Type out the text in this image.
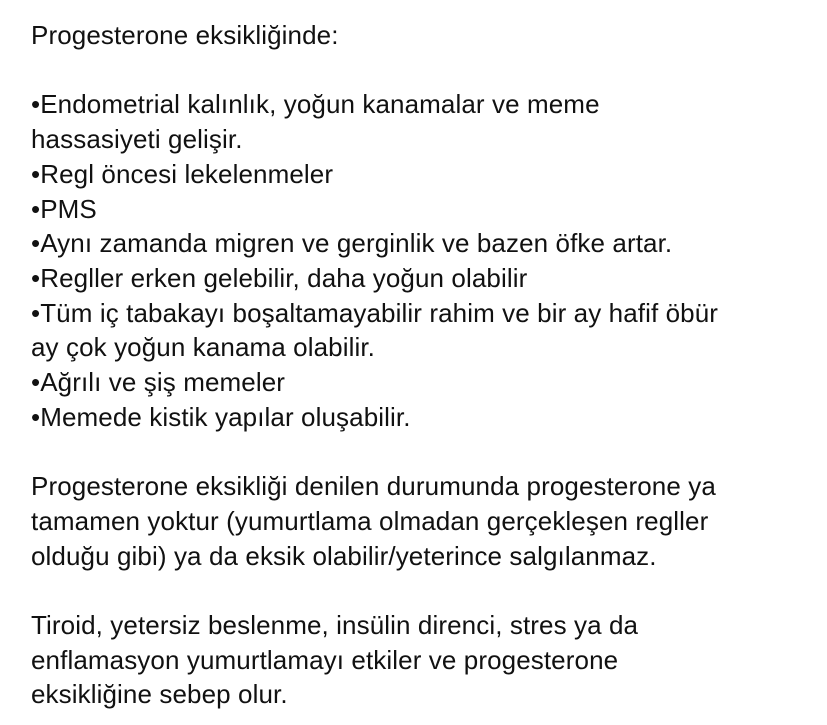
Progesterone eksikliğinde:

•Endometrial kalınlık, yoğun kanamalar ve meme
hassasiyeti gelişir.
•Regl öncesi lekelenmeler
•PMS
•Aynı zamanda migren ve gerginlik ve bazen öfke artar.
•Regller erken gelebilir, daha yoğun olabilir
•Tüm iç tabakayı boşaltamayabilir rahim ve bir ay hafif öbür
ay çok yoğun kanama olabilir.
•Ağrılı ve şiş memeler
•Memede kistik yapılar oluşabilir.
Progesterone eksikliği denilen durumunda progesterone ya
tamamen yoktur (yumurtlama olmadan gerçekleşen regller
olduğu gibi) ya da eksik olabilir/yeterince salgılanmaz.
Tiroid, yetersiz beslenme, insülin direnci, stres ya da
enflamasyon yumurtlamayı etkiler ve progesterone
eksikliğine sebep olur.
